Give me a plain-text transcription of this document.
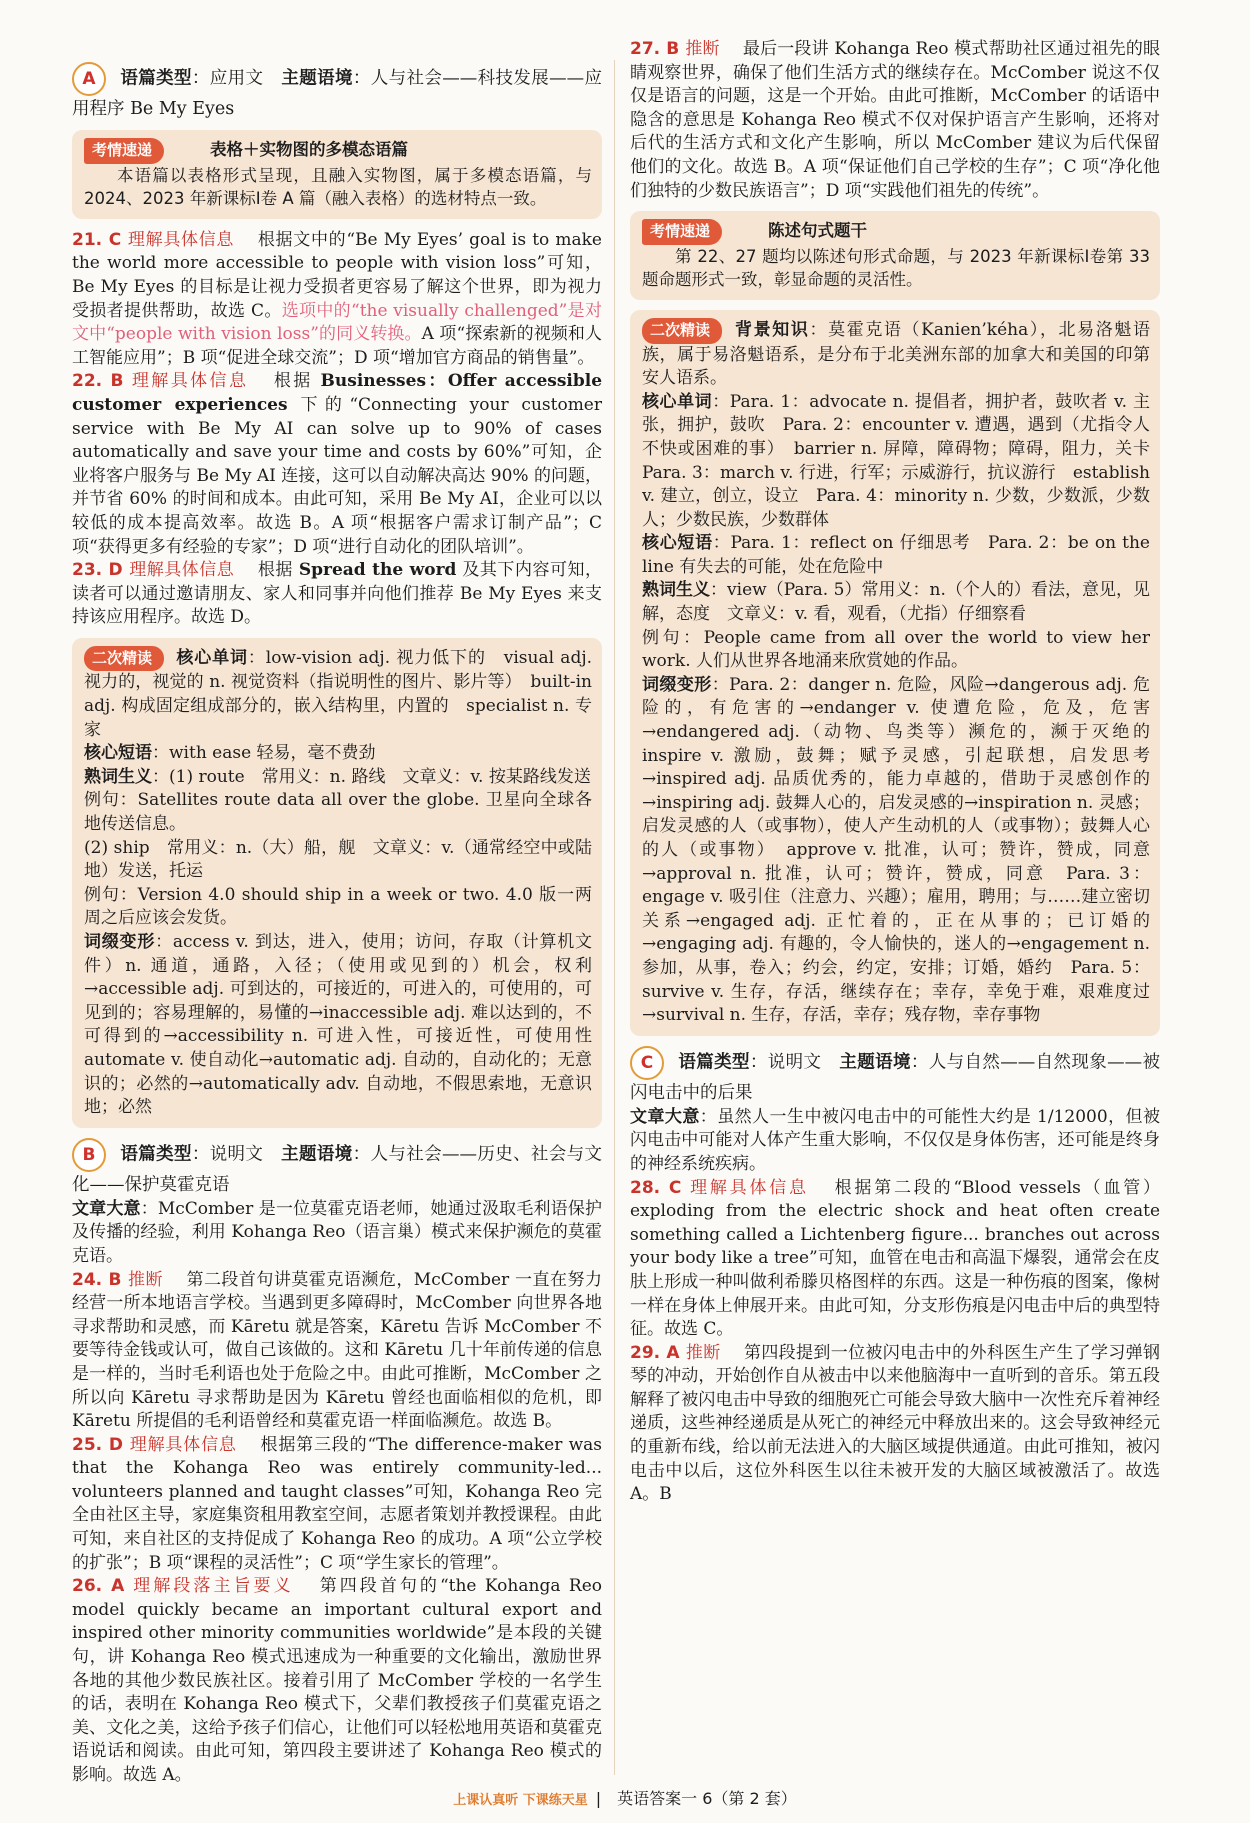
A 语篇类型：应用文　 主题语境：人与社会——科技发展——应用程序 Be My Eyes

考情速递	表格＋实物图的多模态语篇

本语篇以表格形式呈现，且融入实物图，属于多模态语篇，与 2024、2023 年新课标Ⅰ卷 A 篇（融入表格）的选材特点一致。

21. C 理解具体信息　 根据文中的“Be My Eyes’ goal is to make the world more accessible to people with vision loss”可知，Be My Eyes 的目标是让视力受损者更容易了解这个世界，即为视力受损者提供帮助，故选 C。选项中的“the visually challenged”是对文中“people with vision loss”的同义转换。A 项“探索新的视频和人工智能应用”；B 项“促进全球交流”；D 项“增加官方商品的销售量”。

22. B 理解具体信息　 根据 Businesses：Offer accessible customer experiences 下的“Connecting your customer service with Be My AI can solve up to 90% of cases automatically and save your time and costs by 60%”可知，企业将客户服务与 Be My AI 连接，这可以自动解决高达 90% 的问题，并节省 60% 的时间和成本。由此可知，采用 Be My AI，企业可以以较低的成本提高效率。故选 B。A 项“根据客户需求订制产品”；C 项“获得更多有经验的专家”；D 项“进行自动化的团队培训”。

23. D 理解具体信息　 根据 Spread the word 及其下内容可知，读者可以通过邀请朋友、家人和同事并向他们推荐 Be My Eyes 来支持该应用程序。故选 D。

二次精读 核心单词：low-vision adj. 视力低下的　visual adj. 视力的，视觉的 n. 视觉资料（指说明性的图片、影片等）　built-in adj. 构成固定组成部分的，嵌入结构里，内置的　specialist n. 专家

核心短语：with ease 轻易，毫不费劲

熟词生义：(1) route　常用义：n. 路线　文章义：v. 按某路线发送

例句：Satellites route data all over the globe. 卫星向全球各地传送信息。

(2) ship　常用义：n.（大）船，舰　文章义：v.（通常经空中或陆地）发送，托运

例句：Version 4.0 should ship in a week or two. 4.0 版一两周之后应该会发货。

词缀变形：access v. 到达，进入，使用；访问，存取（计算机文件）n. 通道，通路，入径；（使用或见到的）机会，权利→accessible adj. 可到达的，可接近的，可进入的，可使用的，可见到的；容易理解的，易懂的→inaccessible adj. 难以达到的，不可得到的→accessibility n. 可进入性，可接近性，可使用性　automate v. 使自动化→automatic adj. 自动的，自动化的；无意识的；必然的→automatically adv. 自动地，不假思索地，无意识地；必然

B 语篇类型：说明文　 主题语境：人与社会——历史、社会与文化——保护莫霍克语

文章大意：McComber 是一位莫霍克语老师，她通过汲取毛利语保护及传播的经验，利用 Kohanga Reo（语言巢）模式来保护濒危的莫霍克语。

24. B 推断　 第二段首句讲莫霍克语濒危，McComber 一直在努力经营一所本地语言学校。当遇到更多障碍时，McComber 向世界各地寻求帮助和灵感，而 Kāretu 就是答案，Kāretu 告诉 McComber 不要等待金钱或认可，做自己该做的。这和 Kāretu 几十年前传递的信息是一样的，当时毛利语也处于危险之中。由此可推断，McComber 之所以向 Kāretu 寻求帮助是因为 Kāretu 曾经也面临相似的危机，即 Kāretu 所提倡的毛利语曾经和莫霍克语一样面临濒危。故选 B。

25. D 理解具体信息　 根据第三段的“The difference-maker was that the Kohanga Reo was entirely community-led... volunteers planned and taught classes”可知，Kohanga Reo 完全由社区主导，家庭集资租用教室空间，志愿者策划并教授课程。由此可知，来自社区的支持促成了 Kohanga Reo 的成功。A 项“公立学校的扩张”；B 项“课程的灵活性”；C 项“学生家长的管理”。

26. A 理解段落主旨要义　 第四段首句的“the Kohanga Reo model quickly became an important cultural export and inspired other minority communities worldwide”是本段的关键句，讲 Kohanga Reo 模式迅速成为一种重要的文化输出，激励世界各地的其他少数民族社区。接着引用了 McComber 学校的一名学生的话，表明在 Kohanga Reo 模式下，父辈们教授孩子们莫霍克语之美、文化之美，这给予孩子们信心，让他们可以轻松地用英语和莫霍克语说话和阅读。由此可知，第四段主要讲述了 Kohanga Reo 模式的影响。故选 A。

27. B 推断　 最后一段讲 Kohanga Reo 模式帮助社区通过祖先的眼睛观察世界，确保了他们生活方式的继续存在。McComber 说这不仅仅是语言的问题，这是一个开始。由此可推断，McComber 的话语中隐含的意思是 Kohanga Reo 模式不仅对保护语言产生影响，还将对后代的生活方式和文化产生影响，所以 McComber 建议为后代保留他们的文化。故选 B。A 项“保证他们自己学校的生存”；C 项“净化他们独特的少数民族语言”；D 项“实践他们祖先的传统”。

考情速递	陈述句式题干

第 22、27 题均以陈述句形式命题，与 2023 年新课标Ⅰ卷第 33 题命题形式一致，彰显命题的灵活性。

二次精读 背景知识：莫霍克语（Kanien’kéha），北易洛魁语族，属于易洛魁语系，是分布于北美洲东部的加拿大和美国的印第安人语系。

核心单词：Para. 1：advocate n. 提倡者，拥护者，鼓吹者 v. 主张，拥护，鼓吹　Para. 2：encounter v. 遭遇，遇到（尤指令人不快或困难的事）　barrier n. 屏障，障碍物；障碍，阻力，关卡　Para. 3：march v. 行进，行军；示威游行，抗议游行　establish v. 建立，创立，设立　Para. 4：minority n. 少数，少数派，少数人；少数民族，少数群体

核心短语：Para. 1：reflect on 仔细思考　Para. 2：be on the line 有失去的可能，处在危险中

熟词生义：view（Para. 5）常用义：n.（个人的）看法，意见，见解，态度　文章义：v. 看，观看，（尤指）仔细察看

例句：People came from all over the world to view her work. 人们从世界各地涌来欣赏她的作品。

词缀变形：Para. 2：danger n. 危险，风险→dangerous adj. 危险的，有危害的→endanger v. 使遭危险，危及，危害→endangered adj.（动物、鸟类等）濒危的，濒于灭绝的　inspire v. 激励，鼓舞；赋予灵感，引起联想，启发思考→inspired adj. 品质优秀的，能力卓越的，借助于灵感创作的→inspiring adj. 鼓舞人心的，启发灵感的→inspiration n. 灵感；启发灵感的人（或事物），使人产生动机的人（或事物）；鼓舞人心的人（或事物）　approve v. 批准，认可；赞许，赞成，同意→approval n. 批准，认可；赞许，赞成，同意　Para. 3：engage v. 吸引住（注意力、兴趣）；雇用，聘用；与……建立密切关系→engaged adj. 正忙着的，正在从事的；已订婚的→engaging adj. 有趣的，令人愉快的，迷人的→engagement n. 参加，从事，卷入；约会，约定，安排；订婚，婚约　Para. 5：survive v. 生存，存活，继续存在；幸存，幸免于难，艰难度过→survival n. 生存，存活，幸存；残存物，幸存事物

C 语篇类型：说明文　 主题语境：人与自然——自然现象——被闪电击中的后果

文章大意：虽然人一生中被闪电击中的可能性大约是 1/12000，但被闪电击中可能对人体产生重大影响，不仅仅是身体伤害，还可能是终身的神经系统疾病。

28. C 理解具体信息　 根据第二段的“Blood vessels（血管）exploding from the electric shock and heat often create something called a Lichtenberg figure... branches out across your body like a tree”可知，血管在电击和高温下爆裂，通常会在皮肤上形成一种叫做利希滕贝格图样的东西。这是一种伤痕的图案，像树一样在身体上伸展开来。由此可知，分支形伤痕是闪电击中后的典型特征。故选 C。

29. A 推断　 第四段提到一位被闪电击中的外科医生产生了学习弹钢琴的冲动，开始创作自从被击中以来他脑海中一直听到的音乐。第五段解释了被闪电击中导致的细胞死亡可能会导致大脑中一次性充斥着神经递质，这些神经递质是从死亡的神经元中释放出来的。这会导致神经元的重新布线，给以前无法进入的大脑区域提供通道。由此可推知，被闪电击中以后，这位外科医生以往未被开发的大脑区域被激活了。故选 A。B

上课认真听 下课练天星 |　英语答案一 6（第 2 套）
